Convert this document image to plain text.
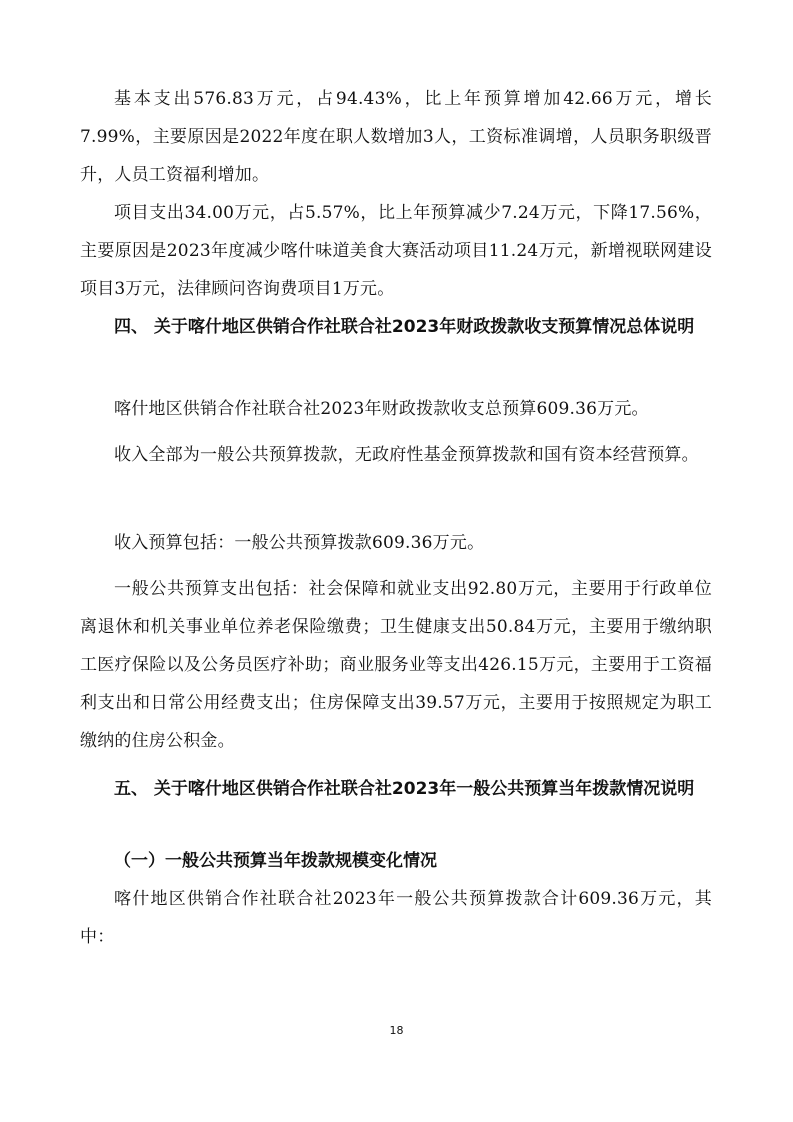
基本支出576.83万元，占94.43%，比上年预算增加42.66万元，增长7.99%，主要原因是2022年度在职人数增加3人，工资标准调增，人员职务职级晋升，人员工资福利增加。

项目支出34.00万元，占5.57%，比上年预算减少7.24万元，下降17.56%，主要原因是2023年度减少喀什味道美食大赛活动项目11.24万元，新增视联网建设项目3万元，法律顾问咨询费项目1万元。

四、 关于喀什地区供销合作社联合社2023年财政拨款收支预算情况总体说明

喀什地区供销合作社联合社2023年财政拨款收支总预算609.36万元。

收入全部为一般公共预算拨款，无政府性基金预算拨款和国有资本经营预算。

收入预算包括：一般公共预算拨款609.36万元。

一般公共预算支出包括：社会保障和就业支出92.80万元，主要用于行政单位离退休和机关事业单位养老保险缴费；卫生健康支出50.84万元，主要用于缴纳职工医疗保险以及公务员医疗补助；商业服务业等支出426.15万元，主要用于工资福利支出和日常公用经费支出；住房保障支出39.57万元，主要用于按照规定为职工缴纳的住房公积金。

五、 关于喀什地区供销合作社联合社2023年一般公共预算当年拨款情况说明

（一）一般公共预算当年拨款规模变化情况

喀什地区供销合作社联合社2023年一般公共预算拨款合计609.36万元，其中：

18
